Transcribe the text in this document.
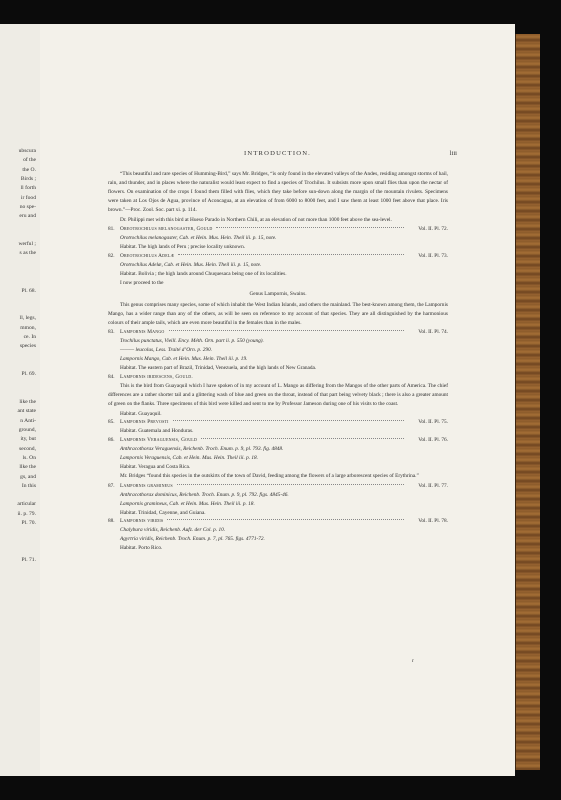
ubscura
of the
the O.
Birds ;
ll forth
ir food
no spe-
eru and
werful ;
s as the
Pl. 68.
ll, legs,
mmon,
ce. In
species
Pl. 69.
like the
ant state
n Anti-
ground,
ity, but
second,
ls. On
llke the
gs, and
In this
articular
ii. p. 79.
Pl. 70.
Pl. 71.
INTRODUCTION.	liii

“This beautiful and rare species of Humming-Bird,” says Mr. Bridges, “is only found in the elevated valleys of the Andes, residing amongst storms of hail, rain, and thunder, and in places where the naturalist would least expect to find a species of Trochilus. It subsists more upon small flies than upon the nectar of flowers. On examination of the crops I found them filled with flies, which they take before sun-down along the margin of the mountain rivulets. Specimens were taken at Los Ojos de Agua, province of Aconcagua, at an elevation of from 6000 to 8000 feet, and I saw them at least 1000 feet above that place. Iris brown.”—Proc. Zool. Soc. part xi. p. 114.

Dr. Philippi met with this bird at Hueso Parado in Northern Chili, at an elevation of not more than 1000 feet above the sea-level.

81.	Oreotrochilus melanogaster, Gould	Vol. II. Pl. 72.
Orotrochilus melanogaster, Cab. et Hein. Mus. Hein. Theil iii. p. 15, note.
Habitat. The high lands of Peru ; precise locality unknown.
82.	Oreotrochilus Adelæ	Vol. II. Pl. 73.
Orotrochilus Adelæ, Cab. et Hein. Mus. Hein. Theil iii. p. 15, note.
Habitat. Bolivia ; the high lands around Chuquesaca being one of its localities.

I now proceed to the

Genus Lampornis, Swains.

This genus comprises many species, some of which inhabit the West Indian Islands, and others the mainland. The best-known among them, the Lampornis Mango, has a wider range than any of the others, as will be seen on reference to my account of that species. They are all distinguished by the harmonious colours of their ample tails, which are even more beautiful in the females than in the males.

83.	Lampornis Mango	Vol. II. Pl. 74.
Trochilus punctatus, Vieill. Ency. Méth. Orn. part ii. p. 550 (young).
——— leucolus, Less. Traité d’Orn. p. 290.
Lampornis Mango, Cab. et Hein. Mus. Hein. Theil iii. p. 19.
Habitat. The eastern part of Brazil, Trinidad, Venezuela, and the high lands of New Granada.
84.	Lampornis iridescens, Gould.

This is the bird from Guayaquil which I have spoken of in my account of L. Mango as differing from the Mangos of the other parts of America. The chief differences are a rather shorter tail and a glittering wash of blue and green on the throat, instead of that part being velvety black ; there is also a greater amount of green on the flanks. Three specimens of this bird were killed and sent to me by Professor Jameson during one of his visits to the coast.

Habitat. Guayaquil.
85.	Lampornis Prevosti	Vol. II. Pl. 75.
Habitat. Guatemala and Honduras.
86.	Lampornis Veraguensis, Gould	Vol. II. Pl. 76.
Anthracothorax Veraguensis, Reichenb. Troch. Enum. p. 9, pl. 793. fig. 4848.
Lampornis Veraguensis, Cab. et Hein. Mus. Hein. Theil iii. p. 18.
Habitat. Veragua and Costa Rica.

Mr. Bridges “found this species in the outskirts of the town of David, feeding among the flowers of a large arborescent species of Erythrina.”

87.	Lampornis gramineus	Vol. II. Pl. 77.
Anthracothorax dominicus, Reichenb. Troch. Enum. p. 9, pl. 792. figs. 4845-46.
Lampornis gramineus, Cab. et Hein. Mus. Hein. Theil iii. p. 18.
Habitat. Trinidad, Cayenne, and Guiana.
88.	Lampornis viridis	Vol. II. Pl. 78.
Chalybura viridis, Reichenb. Aufz. der Col. p. 10.
Agyrtria viridis, Reichenb. Troch. Enum. p. 7, pl. 765. figs. 4771-72.
Habitat. Porto Rico.
r
